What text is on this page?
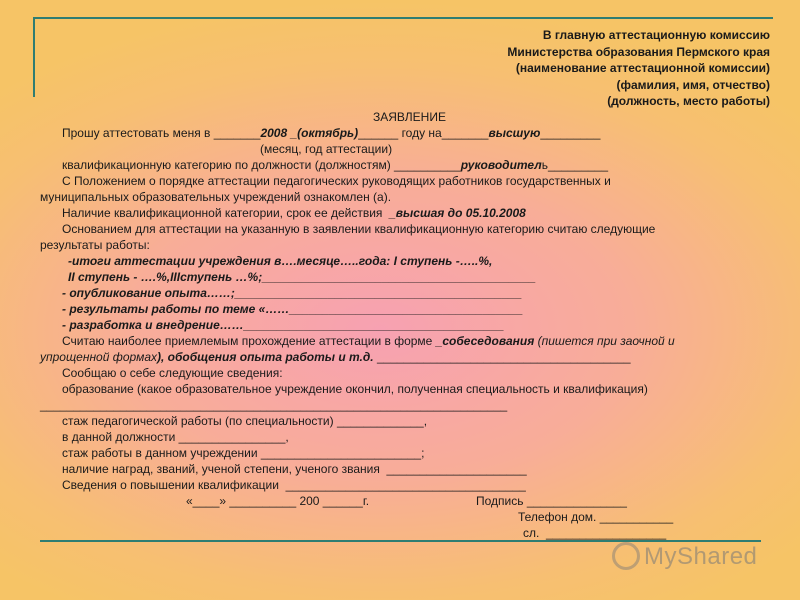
В главную аттестационную комиссию
Министерства образования Пермского края
(наименование аттестационной комиссии)
(фамилия, имя, отчество)
(должность, место работы)
ЗАЯВЛЕНИЕ
Прошу аттестовать меня в _______2008 _(октябрь)______ году на_______высшую_________
(месяц, год аттестации)
квалификационную категорию по должности (должностям) __________руководитель_________
С Положением о порядке аттестации педагогических руководящих работников государственных и
муниципальных образовательных учреждений ознакомлен (а).
Наличие квалификационной категории, срок ее действия  _высшая до 05.10.2008
Основанием для аттестации на указанную в заявлении квалификационную категорию считаю следующие
результаты работы:
-итоги аттестации учреждения в….месяце…..года: I ступень -…..%,
II ступень - ….%,IIIступень …%;_________________________________________
- опубликование опыта……;___________________________________________
- результаты работы по теме «……___________________________________
- разработка и внедрение……_______________________________________
Считаю наиболее приемлемым прохождение аттестации в форме _собеседования (пишется при заочной и
упрощенной формах), обобщения опыта работы и т.д. ______________________________________
Сообщаю о себе следующие сведения:
образование (какое образовательное учреждение окончил, полученная специальность и квалификация)
______________________________________________________________________
стаж педагогической работы (по специальности) _____________,
в данной должности ________________,
стаж работы в данном учреждении ________________________;
наличие наград, званий, ученой степени, ученого звания  _____________________
Сведения о повышении квалификации  ____________________________________
«____» __________ 200 ______г.	Подпись _______________
Телефон дом. ___________
сл.  __________________
MyShared
